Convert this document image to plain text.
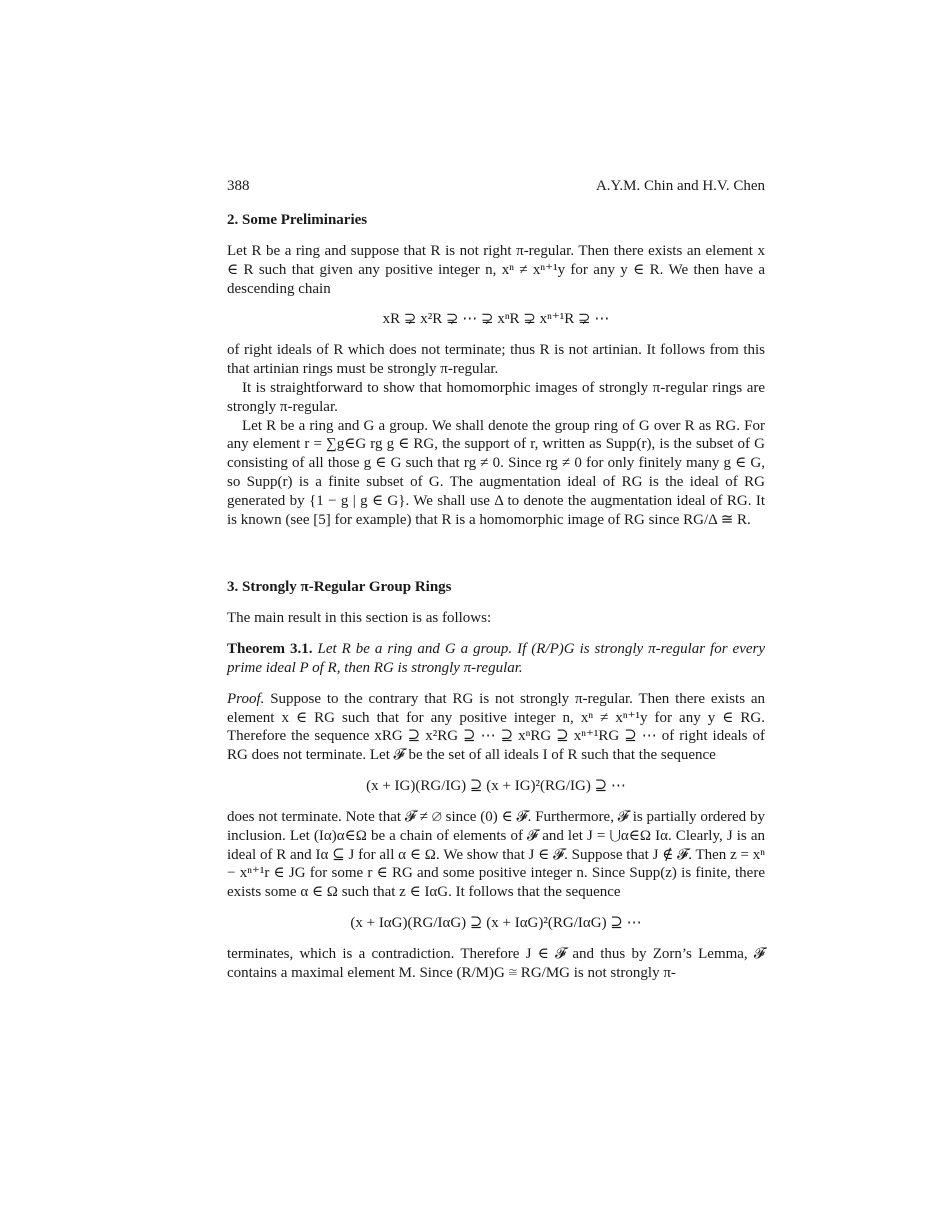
388	A.Y.M. Chin and H.V. Chen
2. Some Preliminaries

Let R be a ring and suppose that R is not right π-regular. Then there exists an element x ∈ R such that given any positive integer n, xⁿ ≠ xⁿ⁺¹y for any y ∈ R. We then have a descending chain

xR ⊋ x²R ⊋ ⋯ ⊋ xⁿR ⊋ xⁿ⁺¹R ⊋ ⋯

of right ideals of R which does not terminate; thus R is not artinian. It follows from this that artinian rings must be strongly π-regular.

It is straightforward to show that homomorphic images of strongly π-regular rings are strongly π-regular.

Let R be a ring and G a group. We shall denote the group ring of G over R as RG. For any element r = ∑g∈G rg g ∈ RG, the support of r, written as Supp(r), is the subset of G consisting of all those g ∈ G such that rg ≠ 0. Since rg ≠ 0 for only finitely many g ∈ G, so Supp(r) is a finite subset of G. The augmentation ideal of RG is the ideal of RG generated by {1 − g | g ∈ G}. We shall use Δ to denote the augmentation ideal of RG. It is known (see [5] for example) that R is a homomorphic image of RG since RG/Δ ≅ R.

3. Strongly π-Regular Group Rings

The main result in this section is as follows:

Theorem 3.1. Let R be a ring and G a group. If (R/P)G is strongly π-regular for every prime ideal P of R, then RG is strongly π-regular.

Proof. Suppose to the contrary that RG is not strongly π-regular. Then there exists an element x ∈ RG such that for any positive integer n, xⁿ ≠ xⁿ⁺¹y for any y ∈ RG. Therefore the sequence xRG ⊇ x²RG ⊇ ⋯ ⊇ xⁿRG ⊇ xⁿ⁺¹RG ⊇ ⋯ of right ideals of RG does not terminate. Let 𝓕 be the set of all ideals I of R such that the sequence

(x + IG)(RG/IG) ⊇ (x + IG)²(RG/IG) ⊇ ⋯

does not terminate. Note that 𝓕 ≠ ∅ since (0) ∈ 𝓕. Furthermore, 𝓕 is partially ordered by inclusion. Let (Iα)α∈Ω be a chain of elements of 𝓕 and let J = ⋃α∈Ω Iα. Clearly, J is an ideal of R and Iα ⊆ J for all α ∈ Ω. We show that J ∈ 𝓕. Suppose that J ∉ 𝓕. Then z = xⁿ − xⁿ⁺¹r ∈ JG for some r ∈ RG and some positive integer n. Since Supp(z) is finite, there exists some α ∈ Ω such that z ∈ IαG. It follows that the sequence

(x + IαG)(RG/IαG) ⊇ (x + IαG)²(RG/IαG) ⊇ ⋯

terminates, which is a contradiction. Therefore J ∈ 𝓕 and thus by Zorn’s Lemma, 𝓕 contains a maximal element M. Since (R/M)G ≅ RG/MG is not strongly π-
